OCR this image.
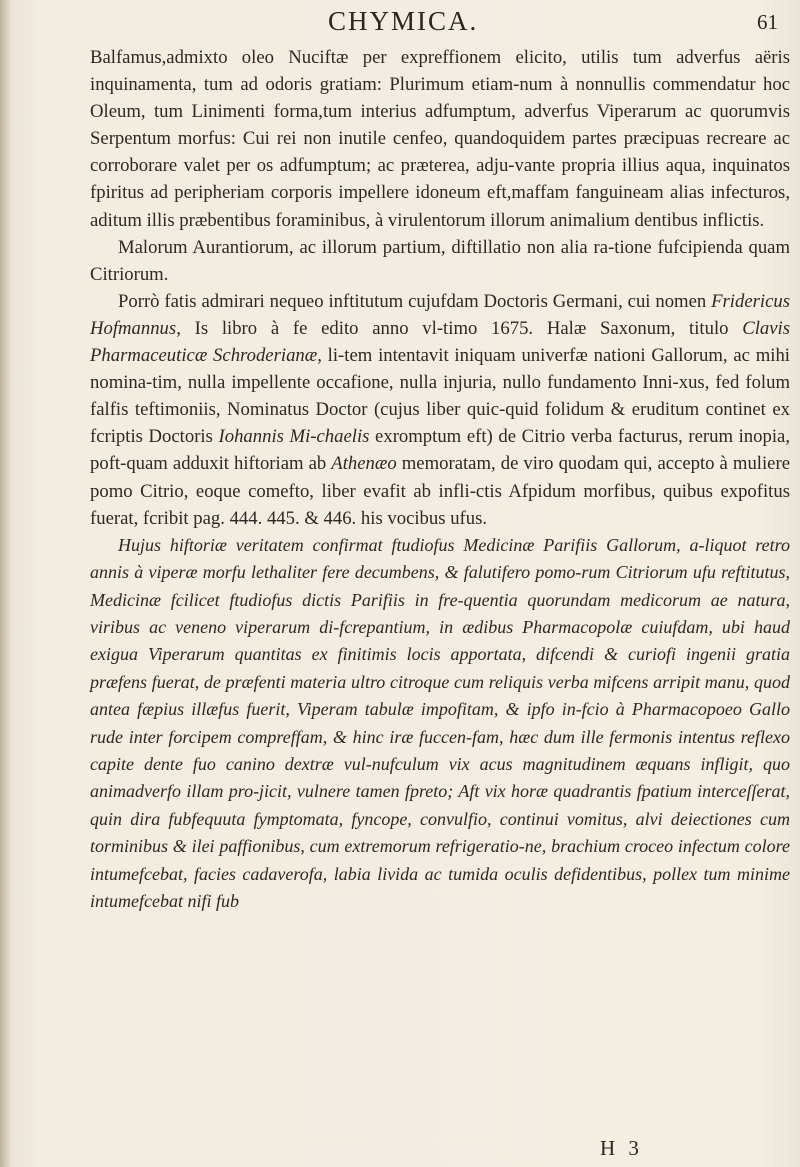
CHYMICA.	61

Balfamus,admixto oleo Nuciftæ per expreffionem elicito, utilis tum adverfus aëris inquinamenta, tum ad odoris gratiam: Plurimum etiam-num à nonnullis commendatur hoc Oleum, tum Linimenti forma,tum interius adfumptum, adverfus Viperarum ac quorumvis Serpentum morfus: Cui rei non inutile cenfeo, quandoquidem partes præcipuas recreare ac corroborare valet per os adfumptum; ac præterea, adju-vante propria illius aqua, inquinatos fpiritus ad peripheriam corporis impellere idoneum eft,maffam fanguineam alias infecturos, aditum illis præbentibus foraminibus, à virulentorum illorum animalium dentibus inflictis.

Malorum Aurantiorum, ac illorum partium, diftillatio non alia ra-tione fufcipienda quam Citriorum.

Porrò fatis admirari nequeo inftitutum cujufdam Doctoris Germani, cui nomen Fridericus Hofmannus, Is libro à fe edito anno vl-timo 1675. Halæ Saxonum, titulo Clavis Pharmaceuticæ Schroderianæ, li-tem intentavit iniquam univerfæ nationi Gallorum, ac mihi nomina-tim, nulla impellente occafione, nulla injuria, nullo fundamento Inni-xus, fed folum falfis teftimoniis, Nominatus Doctor (cujus liber quic-quid folidum & eruditum continet ex fcriptis Doctoris Iohannis Mi-chaelis exromptum eft) de Citrio verba facturus, rerum inopia, poft-quam adduxit hiftoriam ab Athenæo memoratam, de viro quodam qui, accepto à muliere pomo Citrio, eoque comefto, liber evafit ab infli-ctis Afpidum morfibus, quibus expofitus fuerat, fcribit pag. 444. 445. & 446. his vocibus ufus.

Hujus hiftoriæ veritatem confirmat ftudiofus Medicinæ Parifiis Gallorum, a-liquot retro annis à viperæ morfu lethaliter fere decumbens, & falutifero pomo-rum Citriorum ufu reftitutus, Medicinæ fcilicet ftudiofus dictis Parifiis in fre-quentia quorundam medicorum ae natura, viribus ac veneno viperarum di-fcrepantium, in ædibus Pharmacopolæ cuiufdam, ubi haud exigua Viperarum quantitas ex finitimis locis apportata, difcendi & curiofi ingenii gratia præfens fuerat, de præfenti materia ultro citroque cum reliquis verba mifcens arripit manu, quod antea fæpius illæfus fuerit, Viperam tabulæ impofitam, & ipfo in-fcio à Pharmacopoeo Gallo rude inter forcipem compreffam, & hinc iræ fuccen-fam, hæc dum ille fermonis intentus reflexo capite dente fuo canino dextræ vul-nufculum vix acus magnitudinem æquans infligit, quo animadverfo illam pro-jicit, vulnere tamen fpreto; Aft vix horæ quadrantis fpatium interceſſerat, quin dira fubfequuta fymptomata, fyncope, convulfio, continui vomitus, alvi deiectiones cum torminibus & ilei paffionibus, cum extremorum refrigeratio-ne, brachium croceo infectum colore intumefcebat, facies cadaverofa, labia livida ac tumida oculis defidentibus, pollex tum minime intumefcebat nifi fub

H 3
